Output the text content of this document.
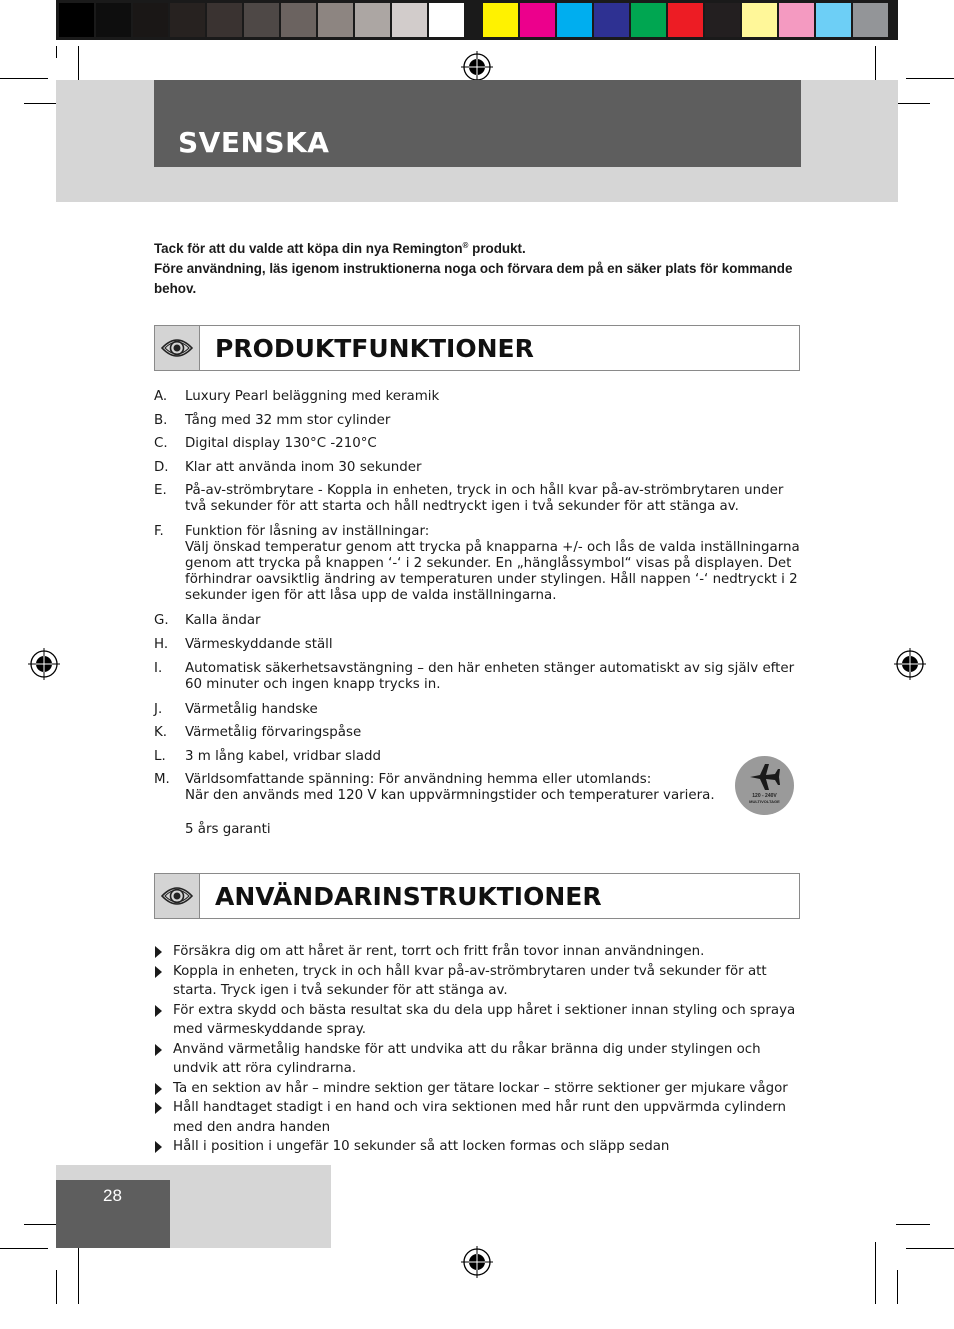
SVENSKA

Tack för att du valde att köpa din nya Remington® produkt.

Före användning, läs igenom instruktionerna noga och förvara dem på en säker plats för kommande behov.

PRODUKTFUNKTIONER
A. Luxury Pearl beläggning med keramik
B. Tång med 32 mm stor cylinder
C. Digital display 130°C -210°C
D. Klar att använda inom 30 sekunder
E. På-av-strömbrytare - Koppla in enheten, tryck in och håll kvar på-av-strömbrytaren under två sekunder för att starta och håll nedtryckt igen i två sekunder för att stänga av.
F. Funktion för låsning av inställningar:
Välj önskad temperatur genom att trycka på knapparna +/- och lås de valda inställningarna genom att trycka på knappen ‘-‘ i 2 sekunder. En „hänglåssymbol“ visas på displayen. Det förhindrar oavsiktlig ändring av temperaturen under stylingen. Håll nappen ‘-‘ nedtryckt i 2 sekunder igen för att låsa upp de valda inställningarna.
G. Kalla ändar
H. Värmeskyddande ställ
I. Automatisk säkerhetsavstängning – den här enheten stänger automatiskt av sig själv efter 60 minuter och ingen knapp trycks in.
J. Värmetålig handske
K. Värmetålig förvaringspåse
L. 3 m lång kabel, vridbar sladd
M. Världsomfattande spänning: För användning hemma eller utomlands:
När den används med 120 V kan uppvärmningstider och temperaturer variera.
5 års garanti
120 - 240V
MULTIVOLTAGE
ANVÄNDARINSTRUKTIONER
Försäkra dig om att håret är rent, torrt och fritt från tovor innan användningen.
Koppla in enheten, tryck in och håll kvar på-av-strömbrytaren under två sekunder för att starta. Tryck igen i två sekunder för att stänga av.
För extra skydd och bästa resultat ska du dela upp håret i sektioner innan styling och spraya med värmeskyddande spray.
Använd värmetålig handske för att undvika att du råkar bränna dig under stylingen och undvik att röra cylindrarna.
Ta en sektion av hår – mindre sektion ger tätare lockar – större sektioner ger mjukare vågor
Håll handtaget stadigt i en hand och vira sektionen med hår runt den uppvärmda cylindern med den andra handen
Håll i position i ungefär 10 sekunder så att locken formas och släpp sedan

28
